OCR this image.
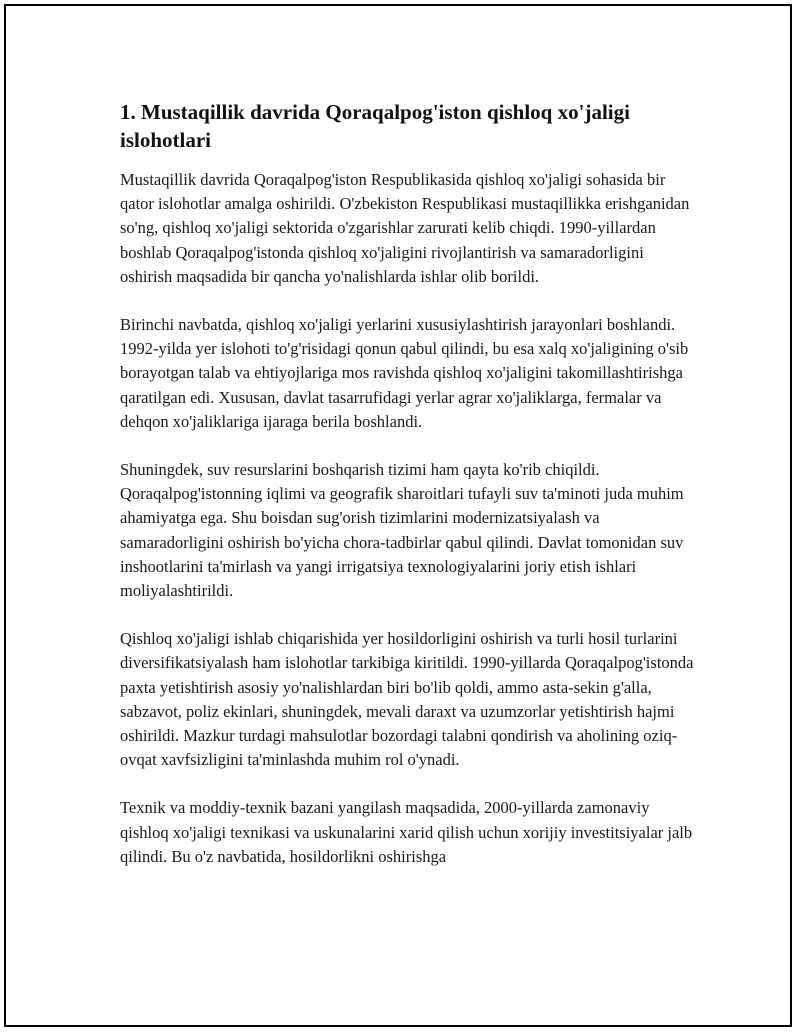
1. Mustaqillik davrida Qoraqalpog'iston qishloq xo'jaligi islohotlari

Mustaqillik davrida Qoraqalpog'iston Respublikasida qishloq xo'jaligi sohasida bir qator islohotlar amalga oshirildi. O'zbekiston Respublikasi mustaqillikka erishganidan so'ng, qishloq xo'jaligi sektorida o'zgarishlar zarurati kelib chiqdi. 1990-yillardan boshlab Qoraqalpog'istonda qishloq xo'jaligini rivojlantirish va samaradorligini oshirish maqsadida bir qancha yo'nalishlarda ishlar olib borildi.

Birinchi navbatda, qishloq xo'jaligi yerlarini xususiylashtirish jarayonlari boshlandi. 1992-yilda yer islohoti to'g'risidagi qonun qabul qilindi, bu esa xalq xo'jaligining o'sib borayotgan talab va ehtiyojlariga mos ravishda qishloq xo'jaligini takomillashtirishga qaratilgan edi. Xususan, davlat tasarrufidagi yerlar agrar xo'jaliklarga, fermalar va dehqon xo'jaliklariga ijaraga berila boshlandi.

Shuningdek, suv resurslarini boshqarish tizimi ham qayta ko'rib chiqildi. Qoraqalpog'istonning iqlimi va geografik sharoitlari tufayli suv ta'minoti juda muhim ahamiyatga ega. Shu boisdan sug'orish tizimlarini modernizatsiyalash va samaradorligini oshirish bo'yicha chora-tadbirlar qabul qilindi. Davlat tomonidan suv inshootlarini ta'mirlash va yangi irrigatsiya texnologiyalarini joriy etish ishlari moliyalashtirildi.

Qishloq xo'jaligi ishlab chiqarishida yer hosildorligini oshirish va turli hosil turlarini diversifikatsiyalash ham islohotlar tarkibiga kiritildi. 1990-yillarda Qoraqalpog'istonda paxta yetishtirish asosiy yo'nalishlardan biri bo'lib qoldi, ammo asta-sekin g'alla, sabzavot, poliz ekinlari, shuningdek, mevali daraxt va uzumzorlar yetishtirish hajmi oshirildi. Mazkur turdagi mahsulotlar bozordagi talabni qondirish va aholining oziq-ovqat xavfsizligini ta'minlashda muhim rol o'ynadi.

Texnik va moddiy-texnik bazani yangilash maqsadida, 2000-yillarda zamonaviy qishloq xo'jaligi texnikasi va uskunalarini xarid qilish uchun xorijiy investitsiyalar jalb qilindi. Bu o'z navbatida, hosildorlikni oshirishga
